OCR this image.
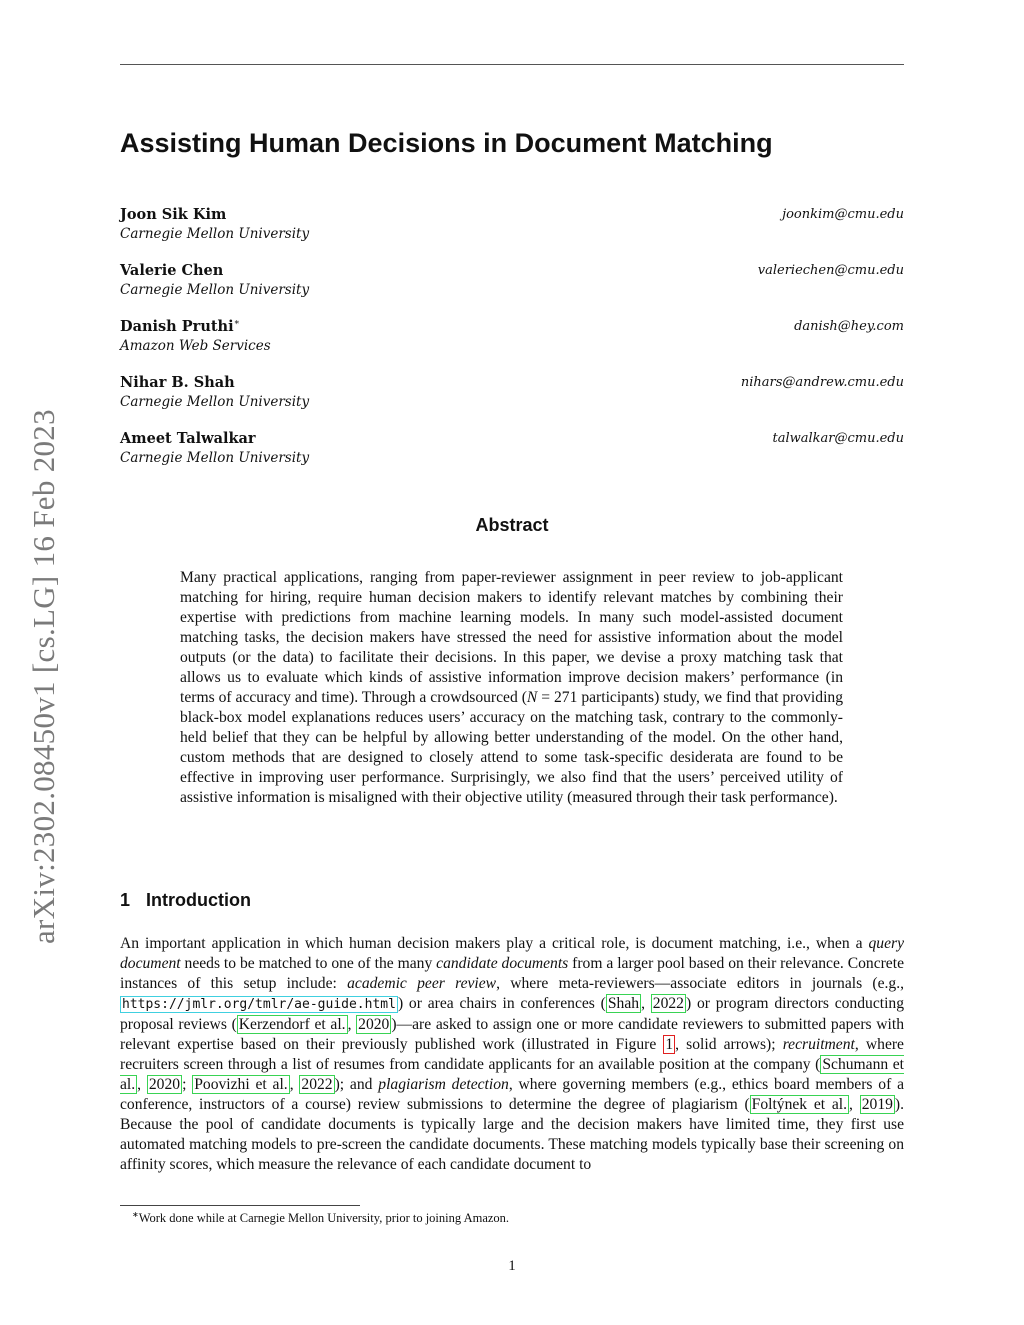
arXiv:2302.08450v1 [cs.LG] 16 Feb 2023
Assisting Human Decisions in Document Matching
Joon Sik Kim
Carnegie Mellon University
joonkim@cmu.edu
Valerie Chen
Carnegie Mellon University
valeriechen@cmu.edu
Danish Pruthi∗
Amazon Web Services
danish@hey.com
Nihar B. Shah
Carnegie Mellon University
nihars@andrew.cmu.edu
Ameet Talwalkar
Carnegie Mellon University
talwalkar@cmu.edu
Abstract

Many practical applications, ranging from paper-reviewer assignment in peer review to job-applicant matching for hiring, require human decision makers to identify relevant matches by combining their expertise with predictions from machine learning models. In many such model-assisted document matching tasks, the decision makers have stressed the need for assistive information about the model outputs (or the data) to facilitate their decisions. In this paper, we devise a proxy matching task that allows us to evaluate which kinds of assistive information improve decision makers’ performance (in terms of accuracy and time). Through a crowdsourced (N = 271 participants) study, we find that providing black-box model explanations reduces users’ accuracy on the matching task, contrary to the commonly-held belief that they can be helpful by allowing better understanding of the model. On the other hand, custom methods that are designed to closely attend to some task-specific desiderata are found to be effective in improving user performance. Surprisingly, we also find that the users’ perceived utility of assistive information is misaligned with their objective utility (measured through their task performance).

1 Introduction

An important application in which human decision makers play a critical role, is document matching, i.e., when a query document needs to be matched to one of the many candidate documents from a larger pool based on their relevance. Concrete instances of this setup include: academic peer review, where meta-reviewers—associate editors in journals (e.g., https://jmlr.org/tmlr/ae-guide.html ) or area chairs in conferences ( Shah , 2022 ) or program directors conducting proposal reviews ( Kerzendorf et al. , 2020 )—are asked to assign one or more candidate reviewers to submitted papers with relevant expertise based on their previously published work (illustrated in Figure 1 , solid arrows); recruitment, where recruiters screen through a list of resumes from candidate applicants for an available position at the company ( Schumann et al. , 2020 ; Poovizhi et al. , 2022 ); and plagiarism detection, where governing members (e.g., ethics board members of a conference, instructors of a course) review submissions to determine the degree of plagiarism ( Foltýnek et al. , 2019 ). Because the pool of candidate documents is typically large and the decision makers have limited time, they first use automated matching models to pre-screen the candidate documents. These matching models typically base their screening on affinity scores, which measure the relevance of each candidate document to

∗Work done while at Carnegie Mellon University, prior to joining Amazon.

1
